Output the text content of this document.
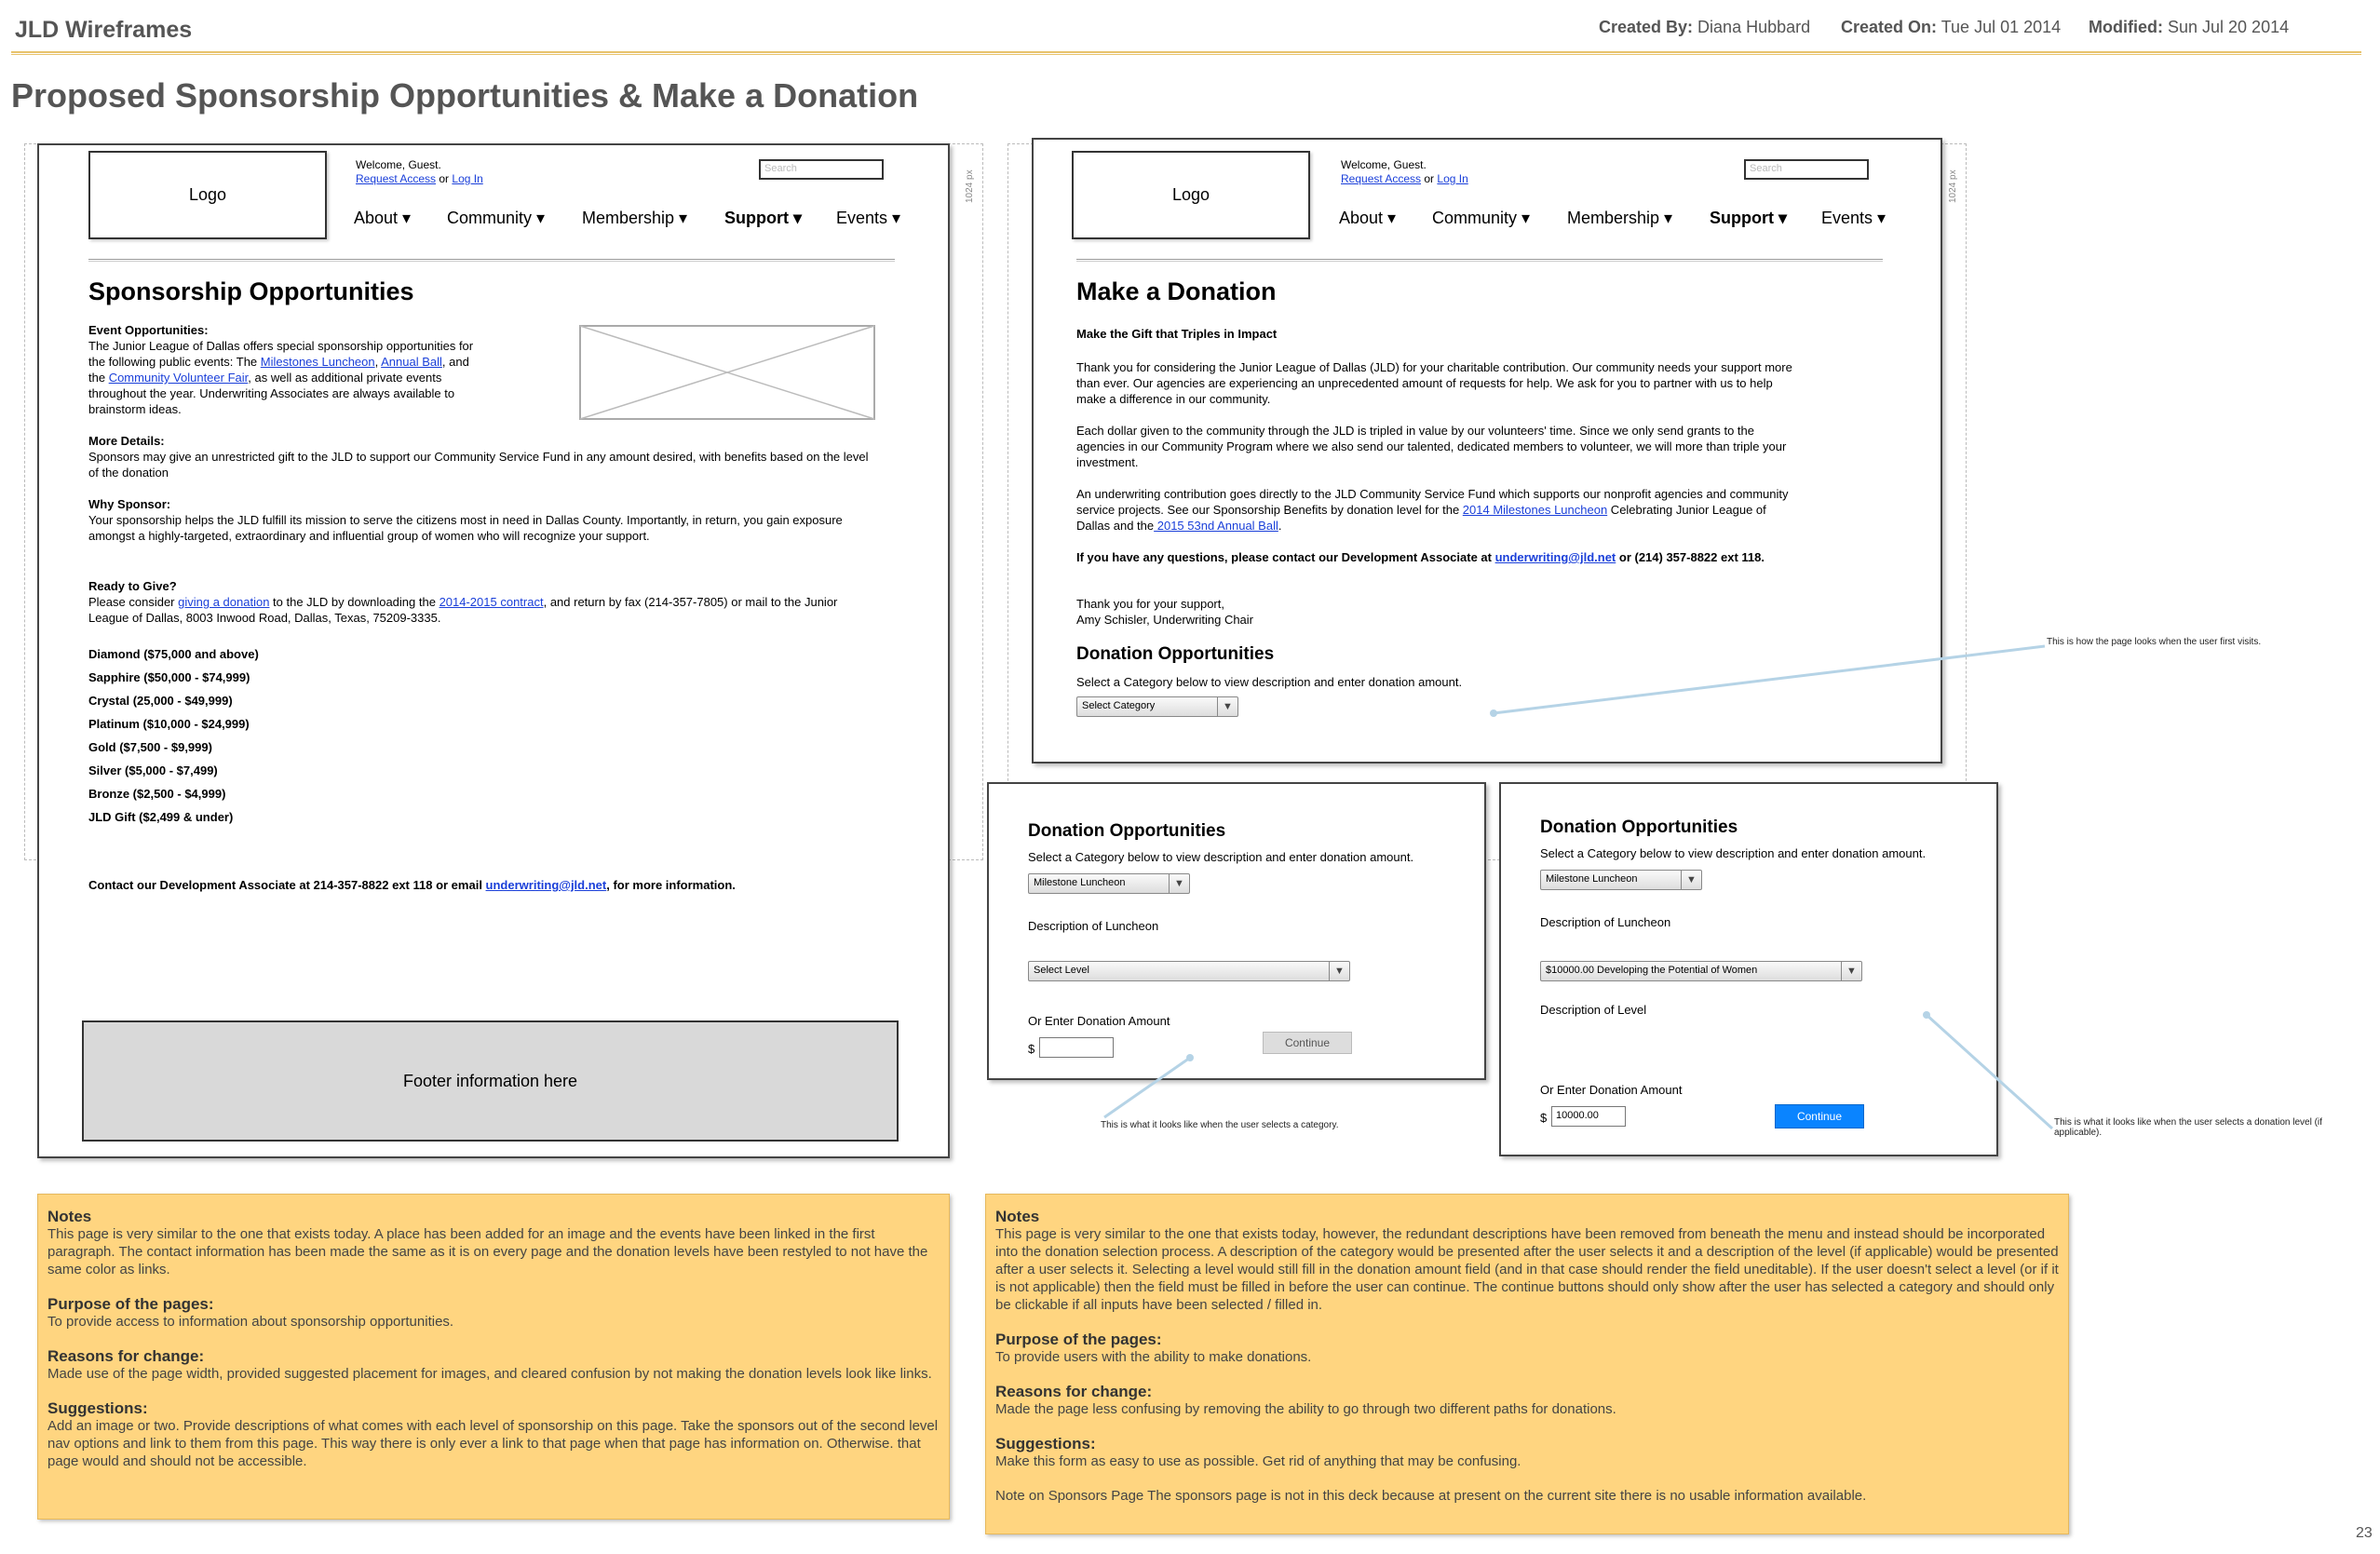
JLD Wireframes	Created By: Diana Hubbard Created On: Tue Jul 01 2014 Modified: Sun Jul 20 2014
Proposed Sponsorship Opportunities & Make a Donation
1024 px
Logo
Welcome, Guest.
Request Access or Log In
Search
About ▾ Community ▾ Membership ▾ Support ▾ Events ▾
Sponsorship Opportunities
Event Opportunities:
The Junior League of Dallas offers special sponsorship opportunities for the following public events: The Milestones Luncheon, Annual Ball, and the Community Volunteer Fair, as well as additional private events throughout the year. Underwriting Associates are always available to brainstorm ideas.
More Details:
Sponsors may give an unrestricted gift to the JLD to support our Community Service Fund in any amount desired, with benefits based on the level of the donation
Why Sponsor:
Your sponsorship helps the JLD fulfill its mission to serve the citizens most in need in Dallas County. Importantly, in return, you gain exposure amongst a highly-targeted, extraordinary and influential group of women who will recognize your support.
Ready to Give?
Please consider giving a donation to the JLD by downloading the 2014-2015 contract, and return by fax (214-357-7805) or mail to the Junior League of Dallas, 8003 Inwood Road, Dallas, Texas, 75209-3335.
Diamond ($75,000 and above)
Sapphire ($50,000 - $74,999)
Crystal (25,000 - $49,999)
Platinum ($10,000 - $24,999)
Gold ($7,500 - $9,999)
Silver ($5,000 - $7,499)
Bronze ($2,500 - $4,999)
JLD Gift ($2,499 & under)
Contact our Development Associate at 214-357-8822 ext 118 or email underwriting@jld.net, for more information.
Footer information here
1024 px
Logo
Welcome, Guest.
Request Access or Log In
Search
About ▾ Community ▾ Membership ▾ Support ▾ Events ▾
Make a Donation
Make the Gift that Triples in Impact
Thank you for considering the Junior League of Dallas (JLD) for your charitable contribution. Our community needs your support more than ever. Our agencies are experiencing an unprecedented amount of requests for help. We ask for you to partner with us to help make a difference in our community.
Each dollar given to the community through the JLD is tripled in value by our volunteers' time. Since we only send grants to the agencies in our Community Program where we also send our talented, dedicated members to volunteer, we will more than triple your investment.
An underwriting contribution goes directly to the JLD Community Service Fund which supports our nonprofit agencies and community service projects. See our Sponsorship Benefits by donation level for the 2014 Milestones Luncheon Celebrating Junior League of Dallas and the 2015 53nd Annual Ball.
If you have any questions, please contact our Development Associate at underwriting@jld.net or (214) 357-8822 ext 118.
Thank you for your support,
Amy Schisler, Underwriting Chair
Donation Opportunities
Select a Category below to view description and enter donation amount.
Select Category	▼
Donation Opportunities
Select a Category below to view description and enter donation amount.
Milestone Luncheon	▼
Description of Luncheon
Select Level	▼
Or Enter Donation Amount
$	Continue
Donation Opportunities
Select a Category below to view description and enter donation amount.
Milestone Luncheon	▼
Description of Luncheon
$10000.00 Developing the Potential of Women	▼
Description of Level
Or Enter Donation Amount
$ 10000.00	Continue
This is how the page looks when the user first visits.
This is what it looks like when the user selects a category.	This is what it looks like when the user selects a donation level (if applicable).
Notes

This page is very similar to the one that exists today. A place has been added for an image and the events have been linked in the first paragraph. The contact information has been made the same as it is on every page and the donation levels have been restyled to not have the same color as links.

Purpose of the pages:

To provide access to information about sponsorship opportunities.

Reasons for change:

Made use of the page width, provided suggested placement for images, and cleared confusion by not making the donation levels look like links.

Suggestions:

Add an image or two. Provide descriptions of what comes with each level of sponsorship on this page. Take the sponsors out of the second level nav options and link to them from this page. This way there is only ever a link to that page when that page has information on. Otherwise. that page would and should not be accessible.

Notes

This page is very similar to the one that exists today, however, the redundant descriptions have been removed from beneath the menu and instead should be incorporated into the donation selection process. A description of the category would be presented after the user selects it and a description of the level (if applicable) would be presented after a user selects it. Selecting a level would still fill in the donation amount field (and in that case should render the field uneditable). If the user doesn't select a level (or if it is not applicable) then the field must be filled in before the user can continue. The continue buttons should only show after the user has selected a category and should only be clickable if all inputs have been selected / filled in.

Purpose of the pages:

To provide users with the ability to make donations.

Reasons for change:

Made the page less confusing by removing the ability to go through two different paths for donations.

Suggestions:

Make this form as easy to use as possible. Get rid of anything that may be confusing.

Note on Sponsors Page The sponsors page is not in this deck because at present on the current site there is no usable information available.

23
